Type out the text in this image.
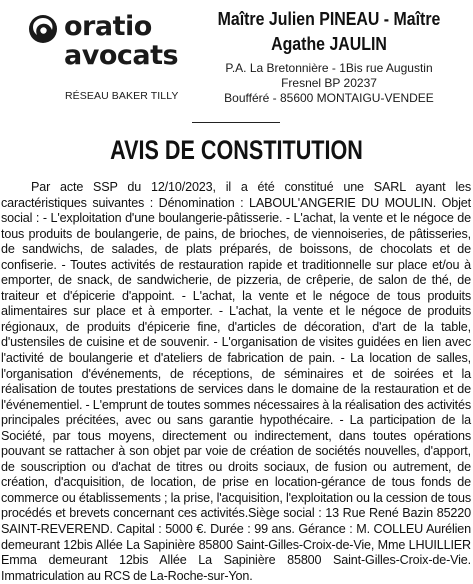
oratio
avocats
RÉSEAU BAKER TILLY
Maître Julien PINEAU - Maître Agathe JAULIN
P.A. La Bretonnière - 1Bis rue Augustin
Fresnel BP 20237
Boufféré - 85600 MONTAIGU-VENDEE
AVIS DE CONSTITUTION

Par acte SSP du 12/10/2023, il a été constitué une SARL ayant les caractéristiques suivantes : Dénomination : LABOUL'ANGERIE DU MOULIN. Objet social : - L'exploitation d'une boulangerie-pâtisserie. - L'achat, la vente et le négoce de tous produits de boulangerie, de pains, de brioches, de viennoiseries, de pâtisseries, de sandwichs, de salades, de plats préparés, de boissons, de chocolats et de confiserie. - Toutes activités de restauration rapide et traditionnelle sur place et/ou à emporter, de snack, de sandwicherie, de pizzeria, de crêperie, de salon de thé, de traiteur et d'épicerie d'appoint. - L'achat, la vente et le négoce de tous produits alimentaires sur place et à emporter. - L'achat, la vente et le négoce de produits régionaux, de produits d'épicerie fine, d'articles de décoration, d'art de la table, d'ustensiles de cuisine et de souvenir. - L'organisation de visites guidées en lien avec l'activité de boulangerie et d'ateliers de fabrication de pain. - La location de salles, l'organisation d'événements, de réceptions, de séminaires et de soirées et la réalisation de toutes prestations de services dans le domaine de la restauration et de l'événementiel. - L'emprunt de toutes sommes nécessaires à la réalisation des activités principales précitées, avec ou sans garantie hypothécaire. - La participation de la Société, par tous moyens, directement ou indirectement, dans toutes opérations pouvant se rattacher à son objet par voie de création de sociétés nouvelles, d'apport, de souscription ou d'achat de titres ou droits sociaux, de fusion ou autrement, de création, d'acquisition, de location, de prise en location-gérance de tous fonds de commerce ou établissements ; la prise, l'acquisition, l'exploitation ou la cession de tous procédés et brevets concernant ces activités.Siège social : 13 Rue René Bazin 85220 SAINT-REVEREND. Capital : 5000 €. Durée : 99 ans. Gérance : M. COLLEU Aurélien demeurant 12bis Allée La Sapinière 85800 Saint-Gilles-Croix-de-Vie, Mme LHUILLIER Emma demeurant 12bis Allée La Sapinière 85800 Saint-Gilles-Croix-de-Vie. Immatriculation au RCS de La-Roche-sur-Yon.
